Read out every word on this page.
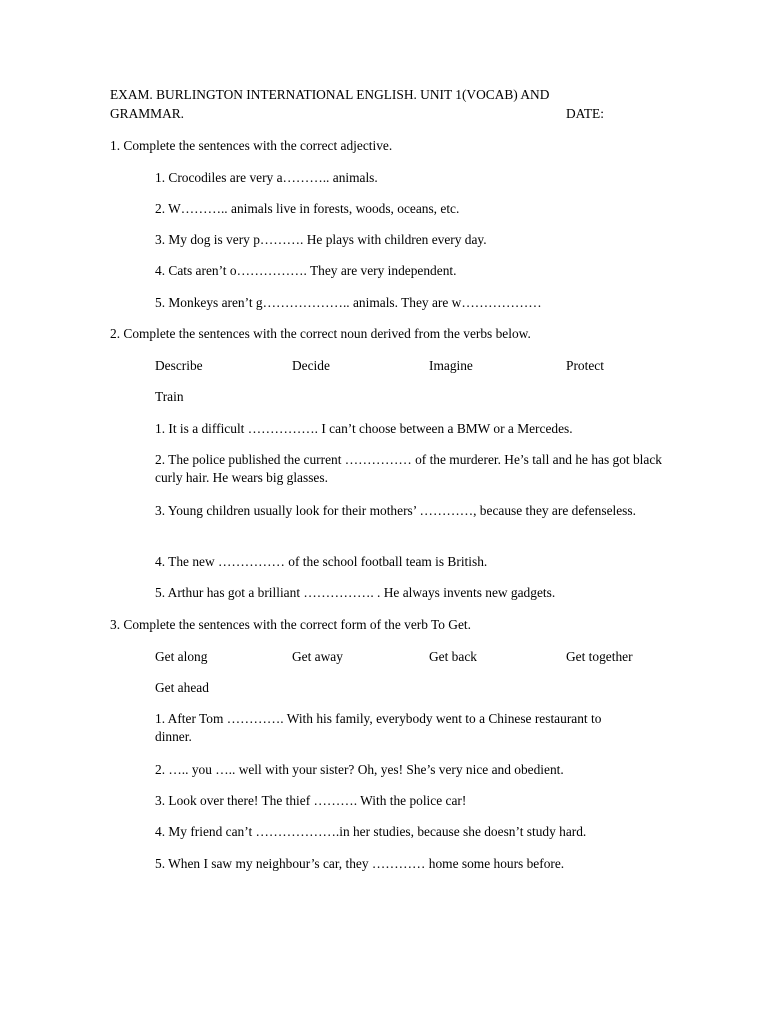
EXAM. BURLINGTON INTERNATIONAL ENGLISH. UNIT 1(VOCAB) AND
GRAMMAR.	DATE:
1. Complete the sentences with the correct adjective.
1. Crocodiles are very a……….. animals.
2. W……….. animals live in forests, woods, oceans, etc.
3. My dog is very p………. He plays with children every day.
4. Cats aren’t o……………. They are very independent.
5. Monkeys aren’t g……………….. animals. They are w………………
2. Complete the sentences with the correct noun derived from the verbs below.
Describe	Decide	Imagine	Protect
Train
1. It is a difficult ……………. I can’t choose between a BMW or a Mercedes.
2. The police published the current …………… of the murderer. He’s tall and he has got black curly hair. He wears big glasses.
3. Young children usually look for their mothers’ …………, because they are defenseless.
4. The new …………… of the school football team is British.
5. Arthur has got a brilliant ……………. . He always invents new gadgets.
3. Complete the sentences with the correct form of the verb To Get.
Get along	Get away	Get back	Get together
Get ahead
1. After Tom …………. With his family, everybody went to a Chinese restaurant to dinner.
2. ….. you ….. well with your sister? Oh, yes! She’s very nice and obedient.
3. Look over there! The thief ………. With the police car!
4. My friend can’t ……………….in her studies, because she doesn’t study hard.
5. When I saw my neighbour’s car, they ………… home some hours before.
